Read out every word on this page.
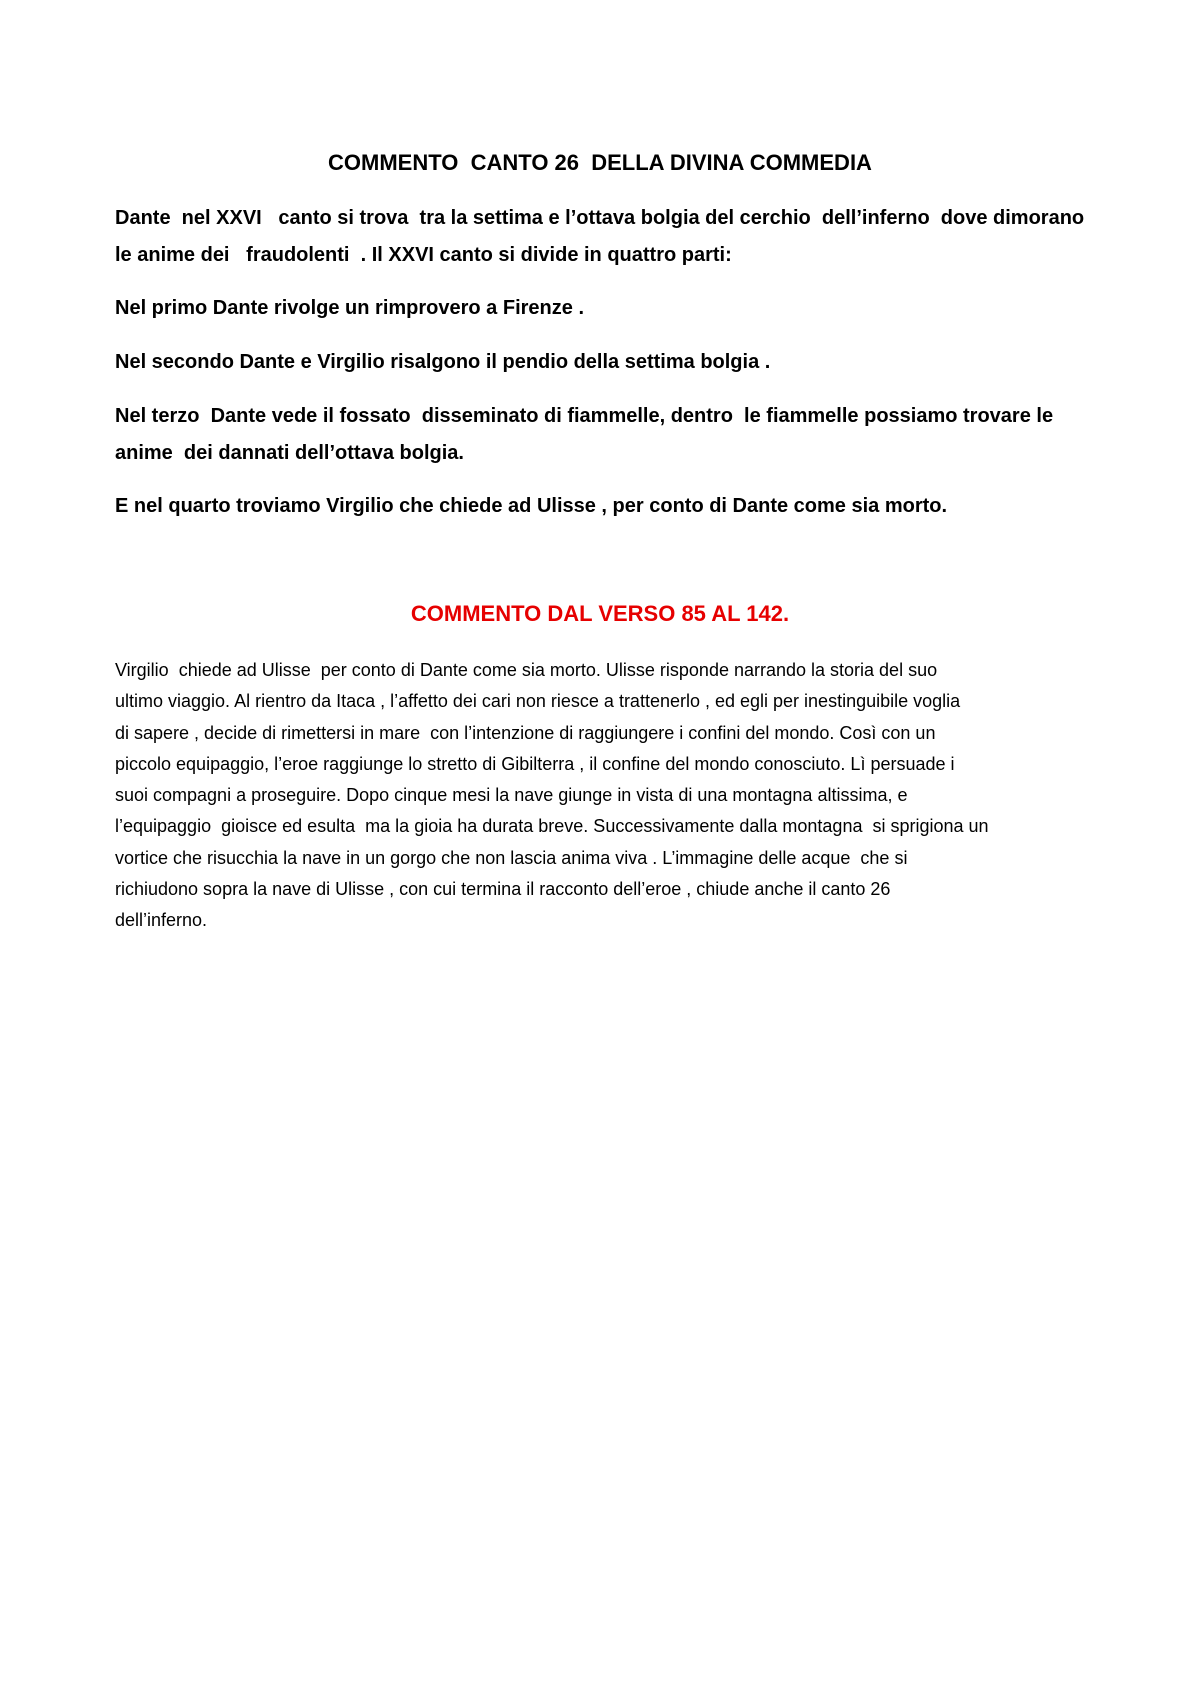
COMMENTO  CANTO 26  DELLA DIVINA COMMEDIA

Dante  nel XXVI   canto si trova  tra la settima e l’ottava bolgia del cerchio  dell’inferno  dove dimorano le anime dei   fraudolenti  . Il XXVI canto si divide in quattro parti:

Nel primo Dante rivolge un rimprovero a Firenze .

Nel secondo Dante e Virgilio risalgono il pendio della settima bolgia .

Nel terzo  Dante vede il fossato  disseminato di fiammelle, dentro  le fiammelle possiamo trovare le anime  dei dannati dell’ottava bolgia.

E nel quarto troviamo Virgilio che chiede ad Ulisse , per conto di Dante come sia morto.

COMMENTO DAL VERSO 85 AL 142.
Virgilio  chiede ad Ulisse  per conto di Dante come sia morto. Ulisse risponde narrando la storia del suo
ultimo viaggio. Al rientro da Itaca , l’affetto dei cari non riesce a trattenerlo , ed egli per inestinguibile voglia
di sapere , decide di rimettersi in mare  con l’intenzione di raggiungere i confini del mondo. Così con un
piccolo equipaggio, l’eroe raggiunge lo stretto di Gibilterra , il confine del mondo conosciuto. Lì persuade i
suoi compagni a proseguire. Dopo cinque mesi la nave giunge in vista di una montagna altissima, e
l’equipaggio  gioisce ed esulta  ma la gioia ha durata breve. Successivamente dalla montagna  si sprigiona un
vortice che risucchia la nave in un gorgo che non lascia anima viva . L’immagine delle acque  che si
richiudono sopra la nave di Ulisse , con cui termina il racconto dell’eroe , chiude anche il canto 26
dell’inferno.
